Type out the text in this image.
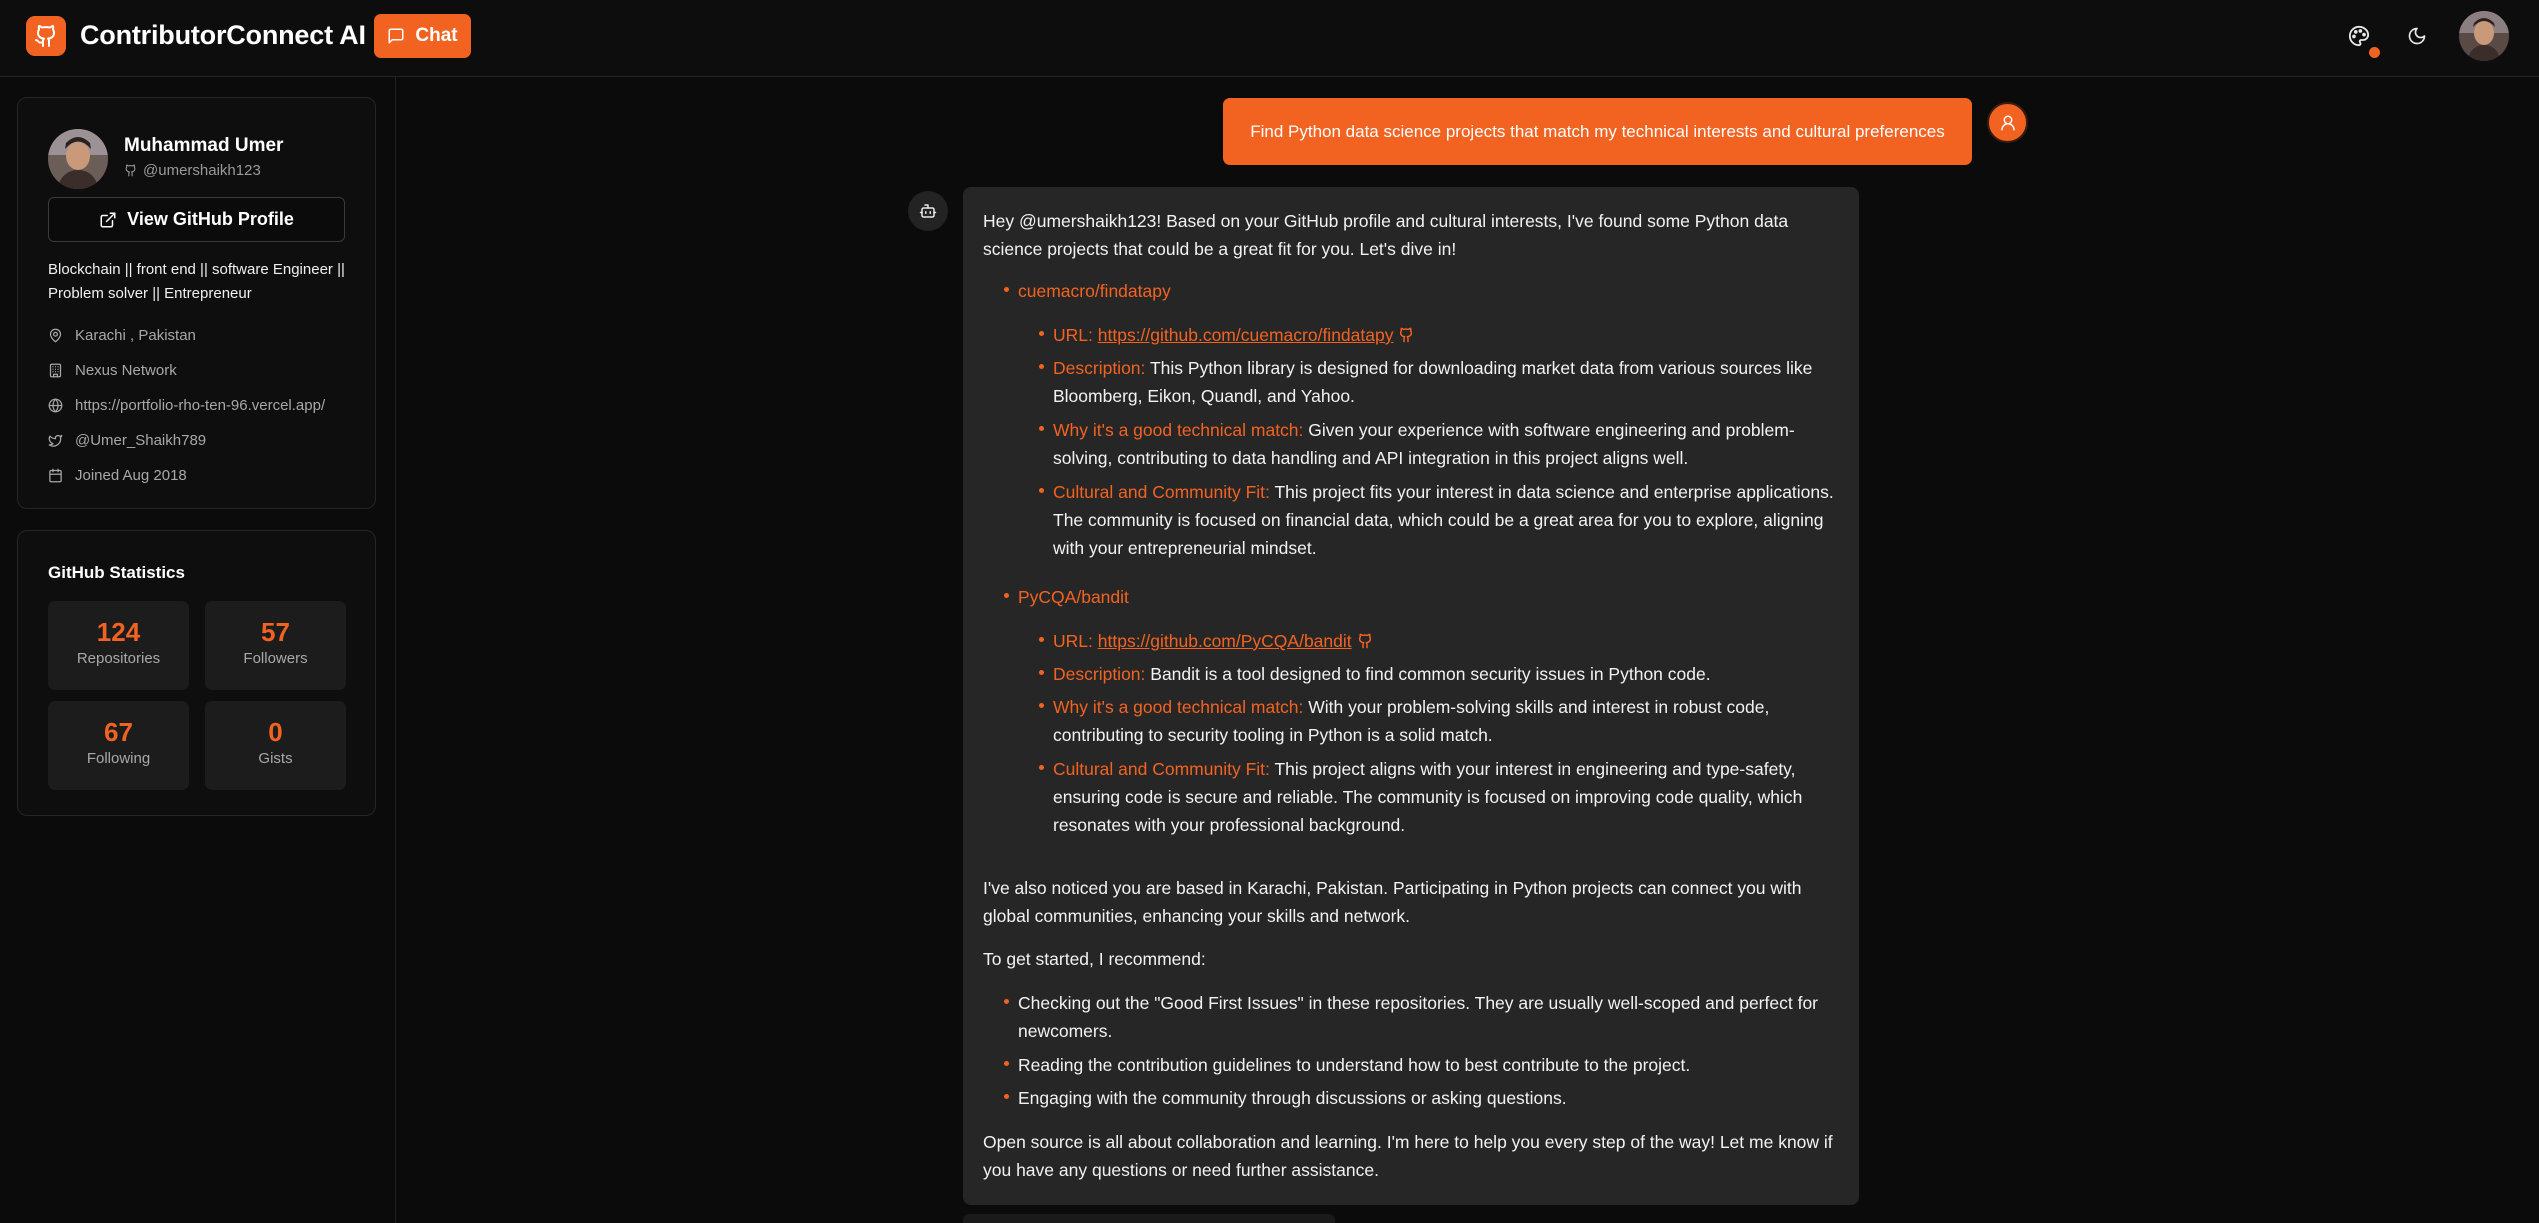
ContributorConnect AI	Chat
Muhammad Umer
@umershaikh123
View GitHub Profile
Blockchain || front end || software Engineer || Problem solver || Entrepreneur
Karachi , Pakistan
Nexus Network
https://portfolio-rho-ten-96.vercel.app/
@Umer_Shaikh789
Joined Aug 2018
GitHub Statistics
124
Repositories
57
Followers
67
Following
0
Gists
Find Python data science projects that match my technical interests and cultural preferences
Hey @umershaikh123! Based on your GitHub profile and cultural interests, I've found some Python data
science projects that could be a great fit for you. Let's dive in!
cuemacro/findatapy
URL: https://github.com/cuemacro/findatapy
Description: This Python library is designed for downloading market data from various sources like
Bloomberg, Eikon, Quandl, and Yahoo.
Why it's a good technical match: Given your experience with software engineering and problem-
solving, contributing to data handling and API integration in this project aligns well.
Cultural and Community Fit: This project fits your interest in data science and enterprise applications.
The community is focused on financial data, which could be a great area for you to explore, aligning
with your entrepreneurial mindset.
PyCQA/bandit
URL: https://github.com/PyCQA/bandit
Description: Bandit is a tool designed to find common security issues in Python code.
Why it's a good technical match: With your problem-solving skills and interest in robust code,
contributing to security tooling in Python is a solid match.
Cultural and Community Fit: This project aligns with your interest in engineering and type-safety,
ensuring code is secure and reliable. The community is focused on improving code quality, which
resonates with your professional background.
I've also noticed you are based in Karachi, Pakistan. Participating in Python projects can connect you with
global communities, enhancing your skills and network.
To get started, I recommend:
Checking out the "Good First Issues" in these repositories. They are usually well-scoped and perfect for
newcomers.
Reading the contribution guidelines to understand how to best contribute to the project.
Engaging with the community through discussions or asking questions.
Open source is all about collaboration and learning. I'm here to help you every step of the way! Let me know if
you have any questions or need further assistance.
